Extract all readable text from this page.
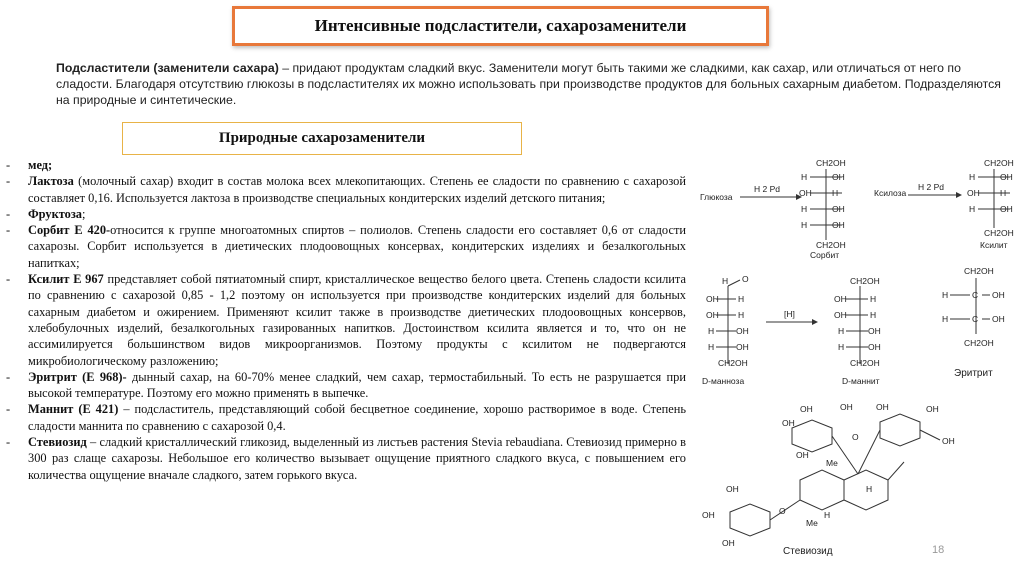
Интенсивные подсластители, сахарозаменители
Подсластители (заменители сахара) – придают продуктам сладкий вкус. Заменители могут быть такими же сладкими, как сахар, или отличаться от него по сладости. Благодаря отсутствию глюкозы в подсластителях их можно использовать при производстве продуктов для больных сахарным диабетом. Подразделяются на природные и синтетические.
Природные сахарозаменители
- мед;
- Лактоза (молочный сахар) входит в состав молока всех млекопитающих. Степень ее сладости по сравнению с сахарозой составляет 0,16. Используется лактоза в производстве специальных кондитерских изделий детского питания;
- Фруктоза;
- Сорбит Е 420-относится к группе многоатомных спиртов – полиолов. Степень сладости его составляет 0,6 от сладости сахарозы. Сорбит используется в диетических плодоовощных консервах, кондитерских изделиях и безалкогольных напитках;
- Ксилит Е 967 представляет собой пятиатомный спирт, кристаллическое вещество белого цвета. Степень сладости ксилита по сравнению с сахарозой 0,85 - 1,2 поэтому он используется при производстве кондитерских изделий для больных сахарным диабетом и ожирением. Применяют ксилит также в производстве диетических плодоовощных консервов, хлебобулочных изделий, безалкогольных газированных напитков. Достоинством ксилита является и то, что он не ассимилируется большинством видов микроорганизмов. Поэтому продукты с ксилитом не подвергаются микробиологическому разложению;
- Эритрит (Е 968)- дынный сахар, на 60-70% менее сладкий, чем сахар, термостабильный. То есть не разрушается при высокой температуре. Поэтому его можно применять в выпечке.
- Маннит (Е 421) – подсластитель, представляющий собой бесцветное соединение, хорошо растворимое в воде. Степень сладости маннита по сравнению с сахарозой 0,4.
- Стевиозид – сладкий кристаллический гликозид, выделенный из листьев растения Stevia rebaudiana. Стевиозид примерно в 300 раз слаще сахарозы. Небольшое его количество вызывает ощущение приятного сладкого вкуса, с повышением его количества ощущение вначале сладкого, затем горького вкуса.
Глюкоза
H 2 Pd
CH2OH
H	OH
OH H
H	OH
H	OH
CH2OH
Сорбит
Ксилоза
H 2 Pd
CH2OH
H	OH
OH H
H	OH
CH2OH
Ксилит
H O
OH H
OH H
H	OH
H	OH
CH2OH
D-манноза
[H]
CH2OH
OH	H
OH	H
H	OH
H	OH
CH2OH
D-маннит
CH2OH
H	C OH
H	C OH
CH2OH
Эритрит
OH
OH	OH	OH	OH
OH
OH
OH
OH
OH
Me
Me
H
H
O
O
Стевиозид	18
